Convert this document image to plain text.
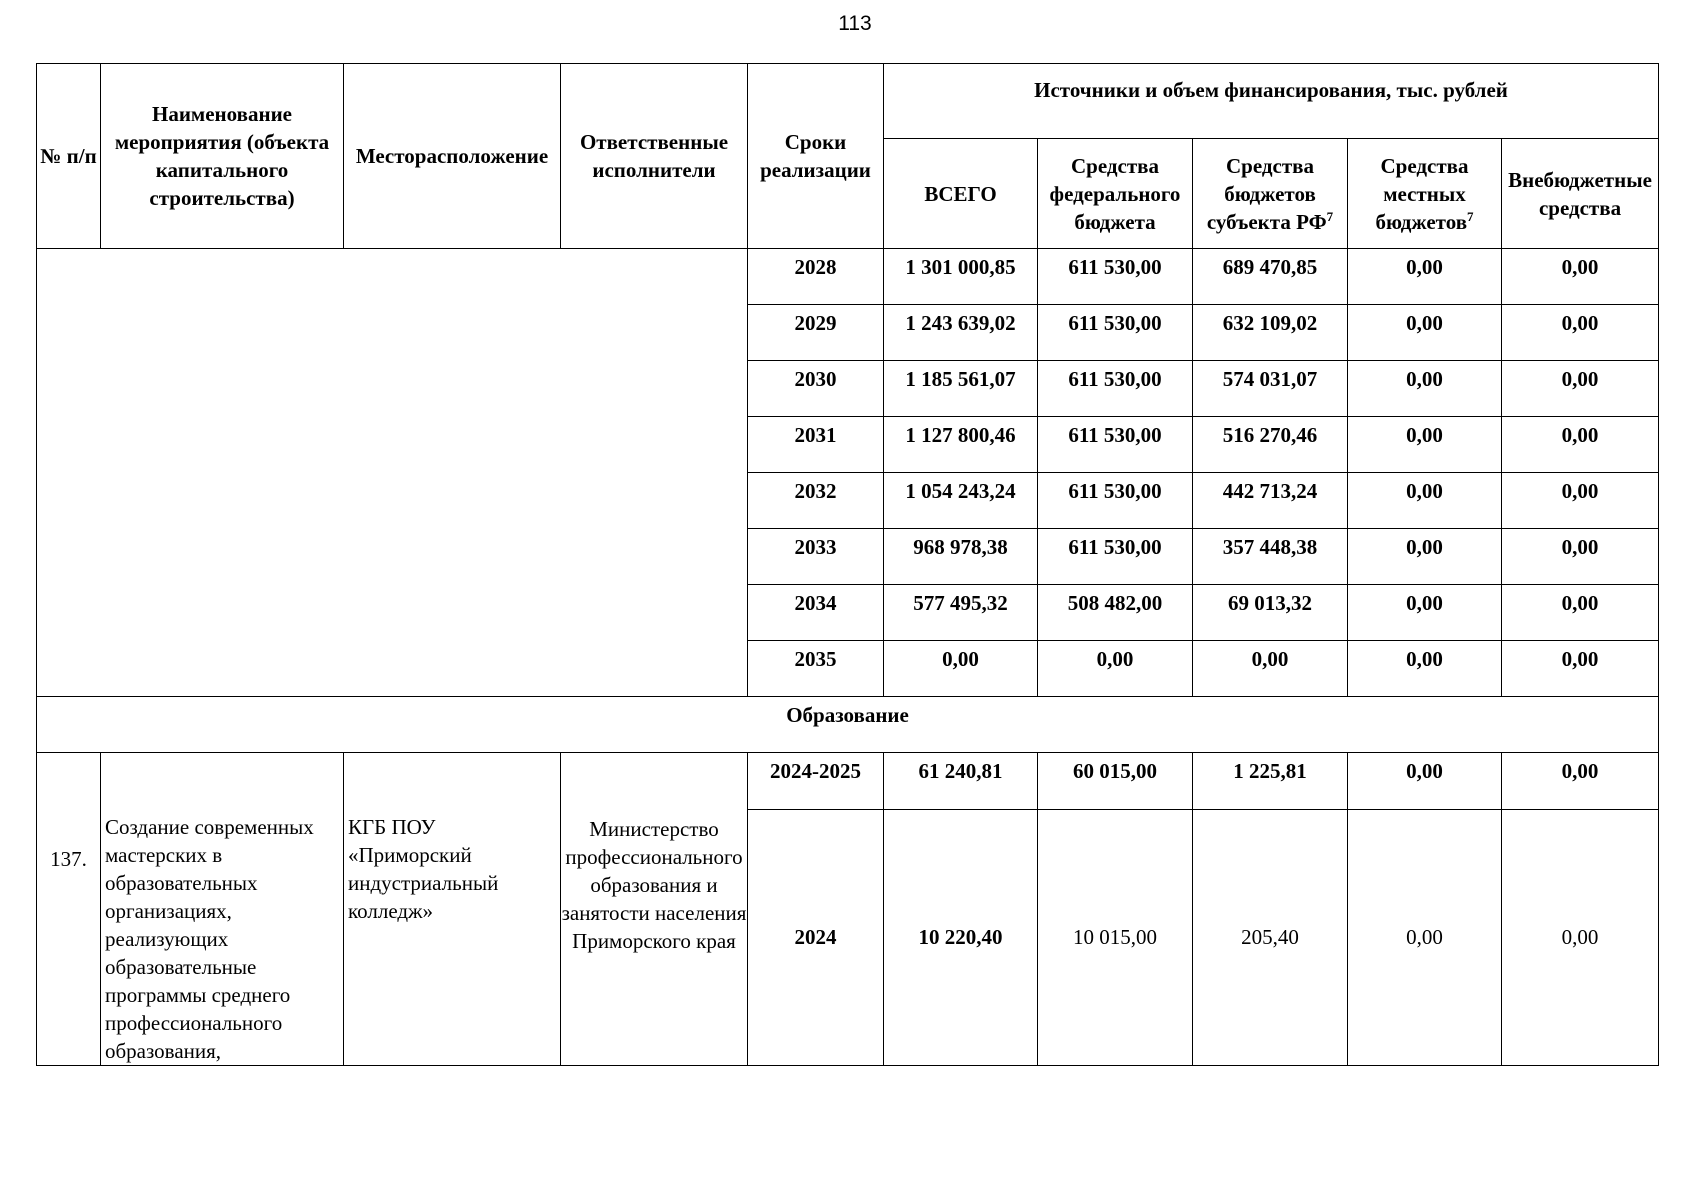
113
№ п/п	Наименование мероприятия (объекта капитального строительства)	Месторасположение	Ответственные исполнители	Сроки реализации	Источники и объем финансирования, тыс. рублей				
					ВСЕГО	Средства федерального бюджета	Средства бюджетов субъекта $РФ^7$	Средства местных бюджетов$^7$	Внебюджетные средства
				2028	1 301 000,85	611 530,00	689 470,85	0,00	0,00
				2029	1 243 639,02	611 530,00	632 109,02	0,00	0,00
				2030	1 185 561,07	611 530,00	574 031,07	0,00	0,00
				2031	1 127 800,46	611 530,00	516 270,46	0,00	0,00
				2032	1 054 243,24	611 530,00	442 713,24	0,00	0,00
				2033	968 978,38	611 530,00	357 448,38	0,00	0,00
				2034	577 495,32	508 482,00	69 013,32	0,00	0,00
				2035	0,00	0,00	0,00	0,00	0,00
Образование									
137.	Создание современных мастерских в образовательных организациях, реализующих образовательные программы среднего профессионального образования,	КГБ ПОУ «Приморский индустриальный колледж»	Министерство профессионального образования и занятости населения Приморского края	2024-2025	61 240,81	60 015,00	1 225,81	0,00	0,00
				2024	10 220,40	10 015,00	205,40	0,00	0,00
